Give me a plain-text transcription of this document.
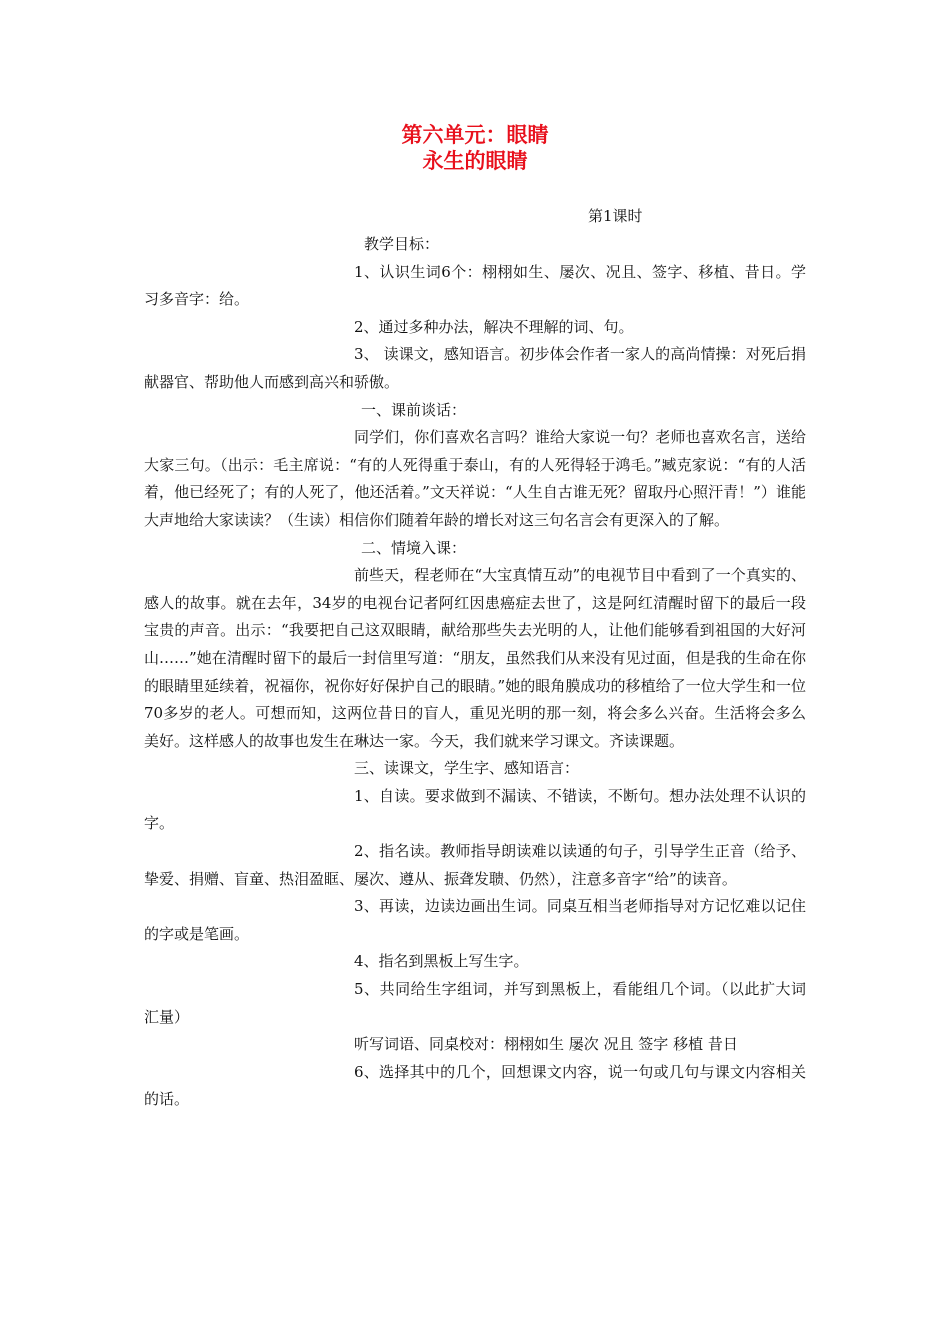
第六单元：眼睛
永生的眼睛
第1课时
教学目标：
1、认识生词6个：栩栩如生、屡次、况且、签字、移植、昔日。学习多音字：给。
2、通过多种办法，解决不理解的词、句。
3、 读课文，感知语言。初步体会作者一家人的高尚情操：对死后捐献器官、帮助他人而感到高兴和骄傲。
一、课前谈话：
同学们，你们喜欢名言吗？谁给大家说一句？老师也喜欢名言，送给大家三句。（出示：毛主席说：“有的人死得重于泰山，有的人死得轻于鸿毛。”臧克家说：“有的人活着，他已经死了；有的人死了，他还活着。”文天祥说：“人生自古谁无死？留取丹心照汗青！”）谁能大声地给大家读读？（生读）相信你们随着年龄的增长对这三句名言会有更深入的了解。
二、情境入课：
前些天，程老师在“大宝真情互动”的电视节目中看到了一个真实的、感人的故事。就在去年，34岁的电视台记者阿红因患癌症去世了，这是阿红清醒时留下的最后一段宝贵的声音。出示：“我要把自己这双眼睛，献给那些失去光明的人，让他们能够看到祖国的大好河山……”她在清醒时留下的最后一封信里写道：“朋友，虽然我们从来没有见过面，但是我的生命在你的眼睛里延续着，祝福你，祝你好好保护自己的眼睛。”她的眼角膜成功的移植给了一位大学生和一位70多岁的老人。可想而知，这两位昔日的盲人，重见光明的那一刻，将会多么兴奋。生活将会多么美好。这样感人的故事也发生在琳达一家。今天，我们就来学习课文。齐读课题。
三、读课文，学生字、感知语言：
1、自读。要求做到不漏读、不错读，不断句。想办法处理不认识的字。
2、指名读。教师指导朗读难以读通的句子，引导学生正音（给予、挚爱、捐赠、盲童、热泪盈眶、屡次、遵从、振聋发聩、仍然），注意多音字“给”的读音。
3、再读，边读边画出生词。同桌互相当老师指导对方记忆难以记住的字或是笔画。
4、指名到黑板上写生字。
5、共同给生字组词，并写到黑板上，看能组几个词。（以此扩大词汇量）
听写词语、同桌校对：栩栩如生 屡次 况且 签字 移植 昔日
6、选择其中的几个，回想课文内容，说一句或几句与课文内容相关的话。
